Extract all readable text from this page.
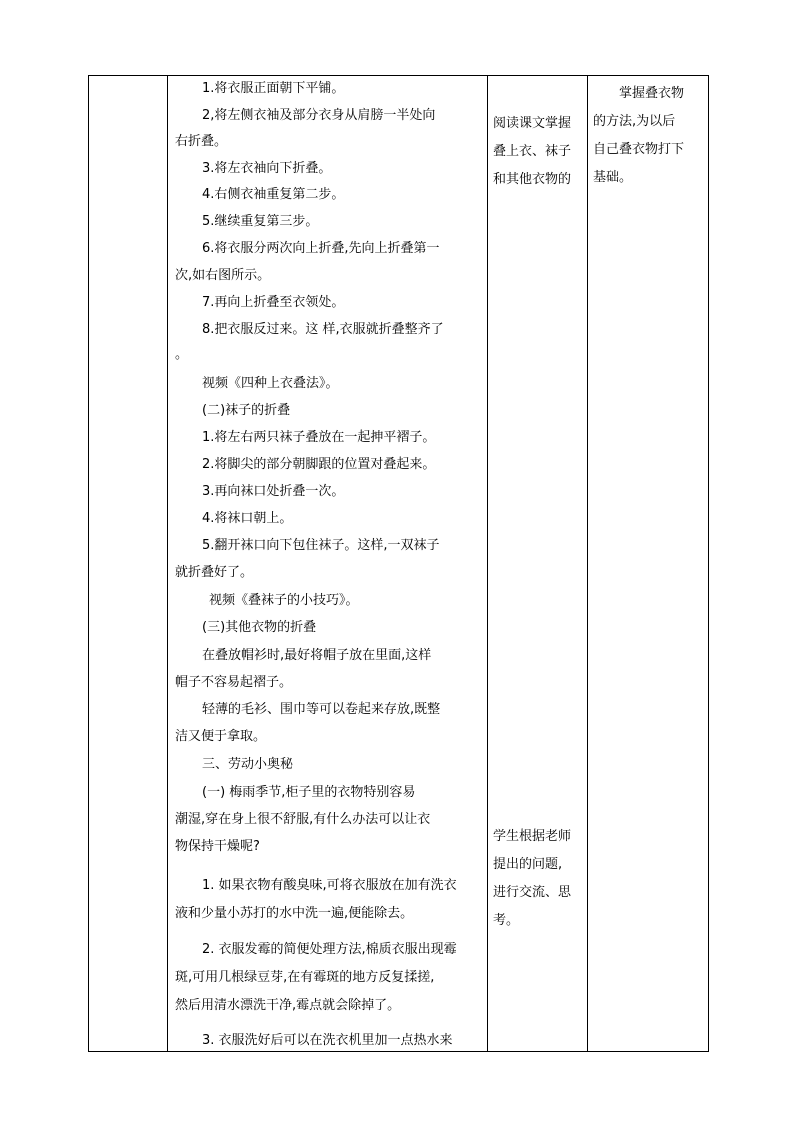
1.将衣服正面朝下平铺。

2,将左侧衣袖及部分衣身从肩膀一半处向

右折叠。

3.将左衣袖向下折叠。

4.右侧衣袖重复第二步。

5.继续重复第三步。

6.将衣服分两次向上折叠,先向上折叠第一

次,如右图所示。

7.再向上折叠至衣领处。

8.把衣服反过来。这 样,衣服就折叠整齐了

。

视频《四种上衣叠法》。

(二)袜子的折叠

1.将左右两只袜子叠放在一起抻平褶子。

2.将脚尖的部分朝脚跟的位置对叠起来。

3.再向袜口处折叠一次。

4.将袜口朝上。

5.翻开袜口向下包住袜子。这样,一双袜子

就折叠好了。

视频《叠袜子的小技巧》。

(三)其他衣物的折叠

在叠放帽衫时,最好将帽子放在里面,这样

帽子不容易起褶子。

轻薄的毛衫、围巾等可以卷起来存放,既整

洁又便于拿取。

三、劳动小奥秘

(一) 梅雨季节,柜子里的衣物特别容易

潮湿,穿在身上很不舒服,有什么办法可以让衣

物保持干燥呢?

1. 如果衣物有酸臭味,可将衣服放在加有洗衣

液和少量小苏打的水中洗一遍,便能除去。

2. 衣服发霉的简便处理方法,棉质衣服出现霉

斑,可用几根绿豆芽,在有霉斑的地方反复揉搓,

然后用清水漂洗干净,霉点就会除掉了。

3. 衣服洗好后可以在洗衣机里加一点热水来

阅读课文掌握

叠上衣、袜子

和其他衣物的

学生根据老师

提出的问题,

进行交流、思

考。

掌握叠衣物

的方法,为以后

自己叠衣物打下

基础。
